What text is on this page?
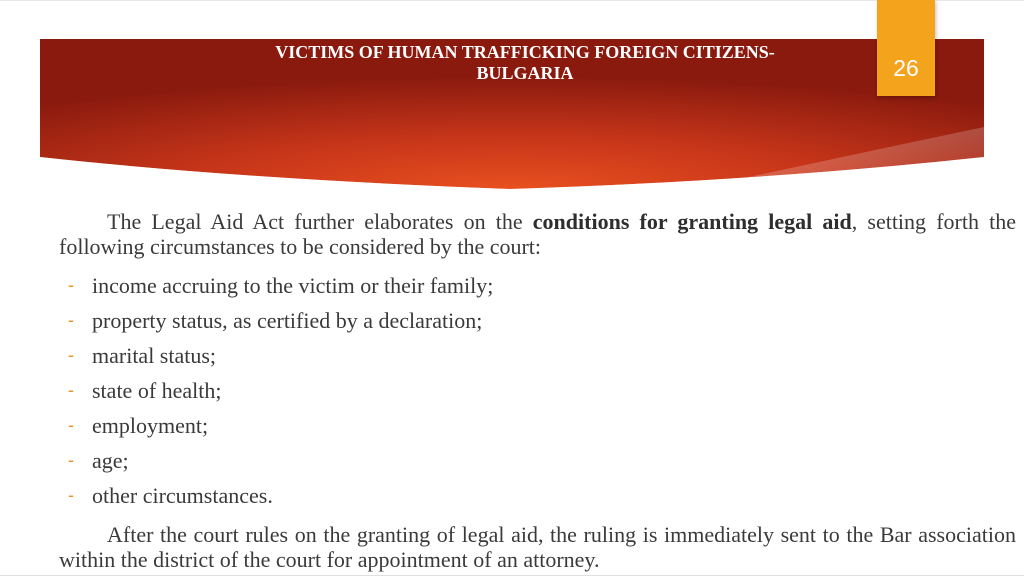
VICTIMS OF HUMAN TRAFFICKING FOREIGN CITIZENS-
BULGARIA	26

The Legal Aid Act further elaborates on the conditions for granting legal aid, setting forth the following circumstances to be considered by the court:

- income accruing to the victim or their family;
- property status, as certified by a declaration;
- marital status;
- state of health;
- employment;
- age;
- other circumstances.

After the court rules on the granting of legal aid, the ruling is immediately sent to the Bar association within the district of the court for appointment of an attorney.
